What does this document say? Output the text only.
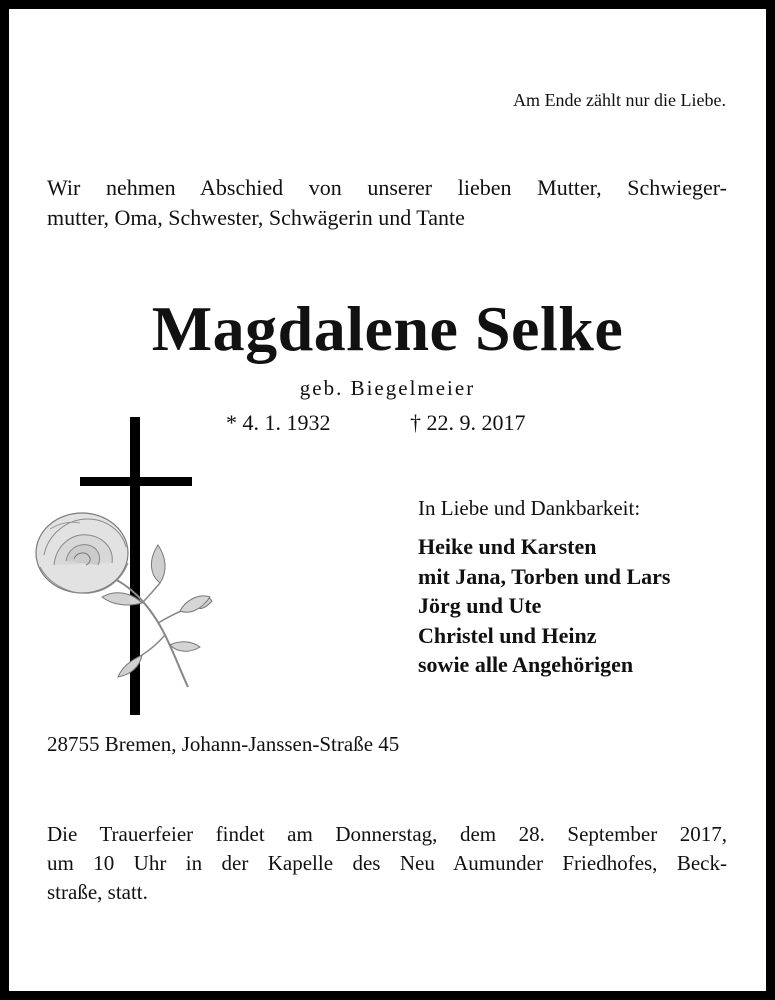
Am Ende zählt nur die Liebe.
Wir nehmen Abschied von unserer lieben Mutter, Schwieger-
mutter, Oma, Schwester, Schwägerin und Tante
Magdalene Selke
geb. Biegelmeier
* 4. 1. 1932	† 22. 9. 2017
In Liebe und Dankbarkeit:
Heike und Karsten
mit Jana, Torben und Lars
Jörg und Ute
Christel und Heinz
sowie alle Angehörigen
28755 Bremen, Johann-Janssen-Straße 45
Die Trauerfeier findet am Donnerstag, dem 28. September 2017,
um 10 Uhr in der Kapelle des Neu Aumunder Friedhofes, Beck-
straße, statt.
